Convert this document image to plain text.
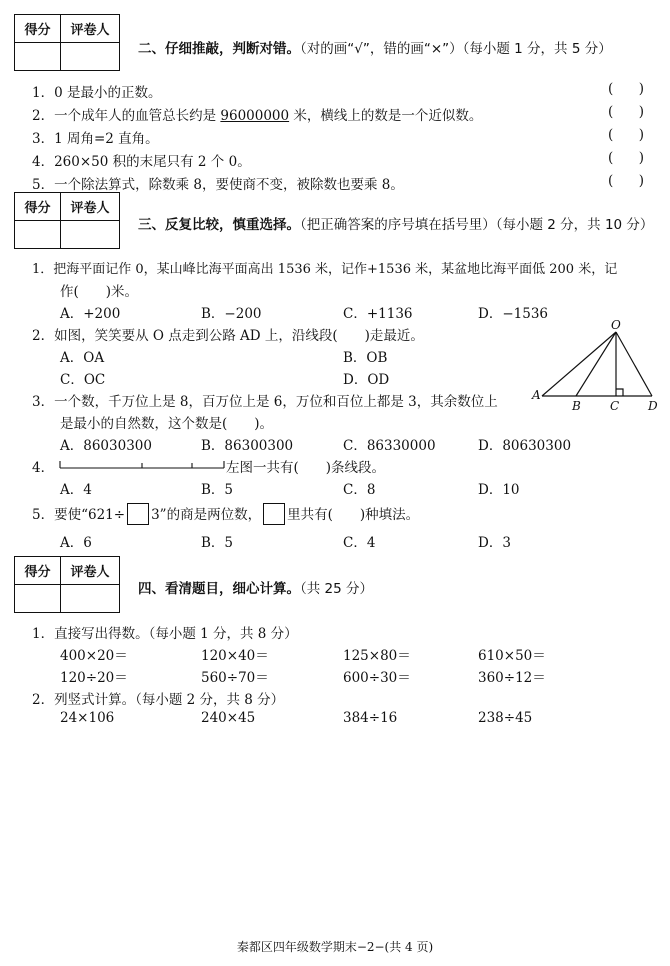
得分	评卷人

二、仔细推敲，判断对错。（对的画“√”，错的画“×”）（每小题 1 分，共 5 分）
1．0 是最小的正数。
2．一个成年人的血管总长约是 96000000 米，横线上的数是一个近似数。
3．1 周角=2 直角。
4．260×50 积的末尾只有 2 个 0。
5．一个除法算式，除数乘 8，要使商不变，被除数也要乘 8。
( )
( )
( )
( )
( )
得分	评卷人

三、反复比较，慎重选择。（把正确答案的序号填在括号里）（每小题 2 分，共 10 分）
1．把海平面记作 0，某山峰比海平面高出 1536 米，记作+1536 米，某盆地比海平面低 200 米，记
作(　　)米。
A．+200	B．−200	C．+1136	D．−1536
2．如图，笑笑要从 O 点走到公路 AD 上，沿线段(　　)走最近。
A．OA	B．OB
C．OC	D．OD
O
A
B C D
3．一个数，千万位上是 8，百万位上是 6，万位和百位上都是 3，其余数位上
是最小的自然数，这个数是(　　)。
A．86030300	B．86300300	C．86330000	D．80630300
4．	左图一共有(　　)条线段。
A．4	B．5	C．8	D．10
5．要使“621÷ 3”的商是两位数， 里共有(　　)种填法。
A．6	B．5	C．4	D．3
得分	评卷人

四、看清题目，细心计算。（共 25 分）
1．直接写出得数。（每小题 1 分，共 8 分）
400×20＝	120×40＝	125×80＝	610×50＝
120÷20＝	560÷70＝	600÷30＝	360÷12＝
2．列竖式计算。（每小题 2 分，共 8 分）
24×106	240×45	384÷16	238÷45
秦都区四年级数学期末−2−(共 4 页)
